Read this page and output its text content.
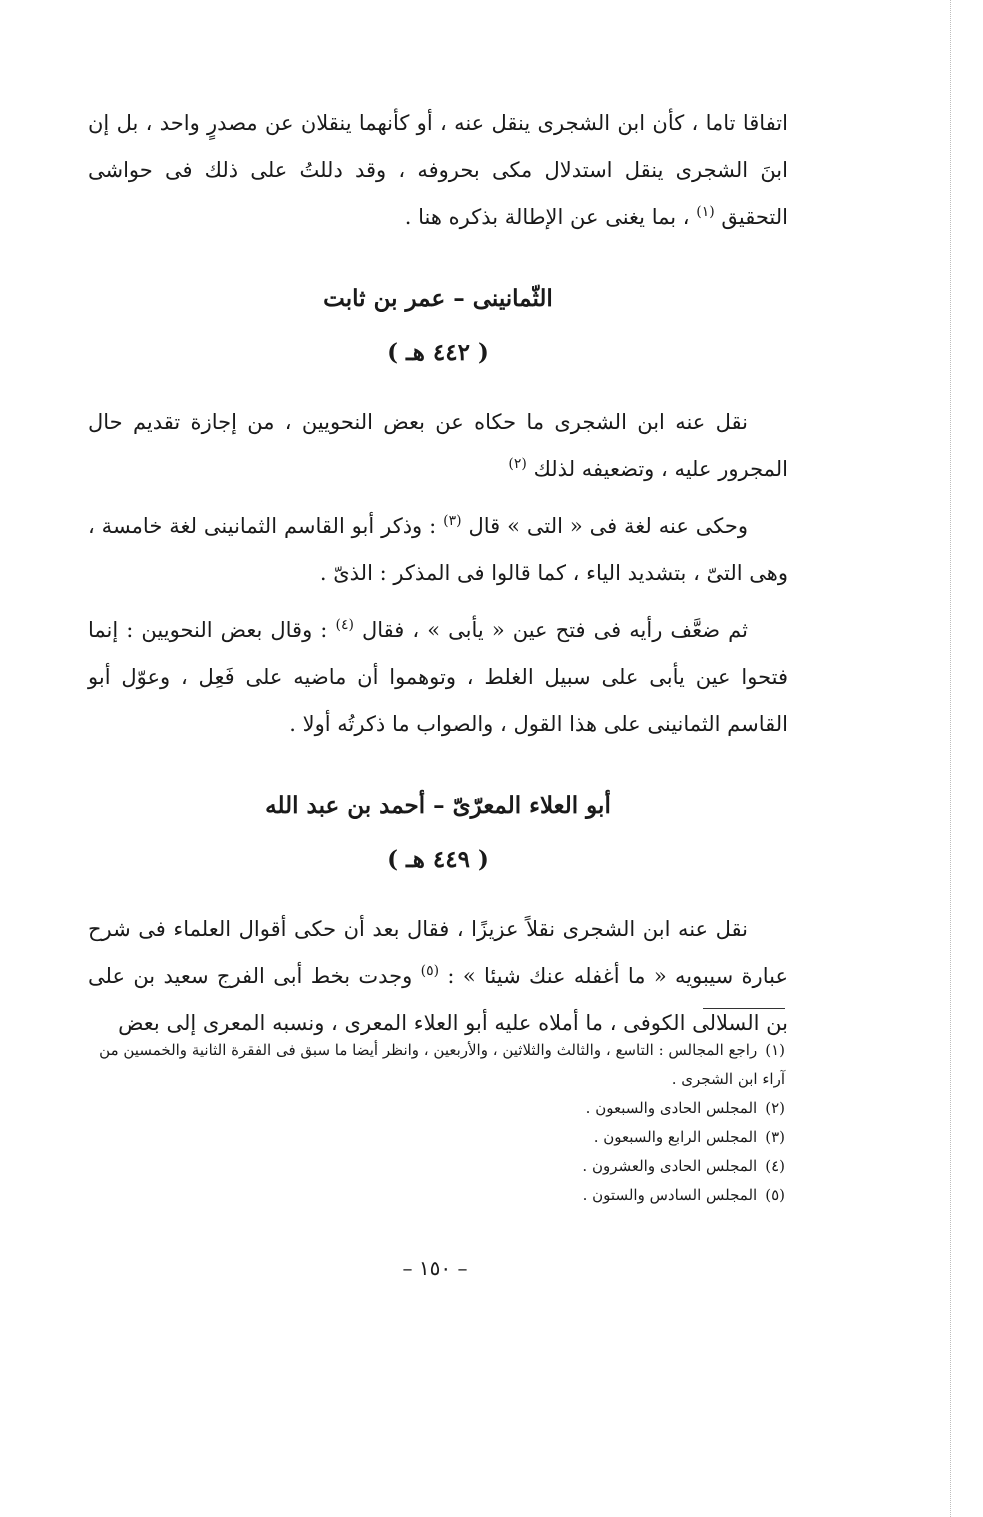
اتفاقا تاما ، كأن ابن الشجرى ينقل عنه ، أو كأنهما ينقلان عن مصدرٍ واحد ، بل إن ابنَ الشجرى ينقل استدلال مكى بحروفه ، وقد دللتُ على ذلك فى حواشى التحقيق $^{(١)}$ ، بما يغنى عن الإطالة بذكره هنا .

الثّمانينى – عمر بن ثابت
( ٤٤٢ هـ )

نقل عنه ابن الشجرى ما حكاه عن بعض النحويين ، من إجازة تقديم حال المجرور عليه ، وتضعيفه لذلك $^{(٢)}$

وحكى عنه لغة فى « التى » قال $^{(٣)}$ : وذكر أبو القاسم الثمانينى لغة خامسة ، وهى التىّ ، بتشديد الياء ، كما قالوا فى المذكر : الذىّ .

ثم ضعَّف رأيه فى فتح عين « يأبى » ، فقال $^{(٤)}$ : وقال بعض النحويين : إنما فتحوا عين يأبى على سبيل الغلط ، وتوهموا أن ماضيه على فَعِل ، وعوّل أبو القاسم الثمانينى على هذا القول ، والصواب ما ذكرتُه أولا .

أبو العلاء المعرّىّ – أحمد بن عبد الله
( ٤٤٩ هـ )

نقل عنه ابن الشجرى نقلاً عزيزًا ، فقال بعد أن حكى أقوال العلماء فى شرح عبارة سيبويه « ما أغفله عنك شيئا » : $^{(٥)}$ وجدت بخط أبى الفرج سعيد بن على بن السلالى الكوفى ، ما أملاه عليه أبو العلاء المعرى ، ونسبه المعرى إلى بعض

(١)راجع المجالس : التاسع ، والثالث والثلاثين ، والأربعين ، وانظر أيضا ما سبق فى الفقرة الثانية والخمسين من آراء ابن الشجرى .

(٢)المجلس الحادى والسبعون .

(٣)المجلس الرابع والسبعون .

(٤)المجلس الحادى والعشرون .

(٥)المجلس السادس والستون .

– ١٥٠ –
